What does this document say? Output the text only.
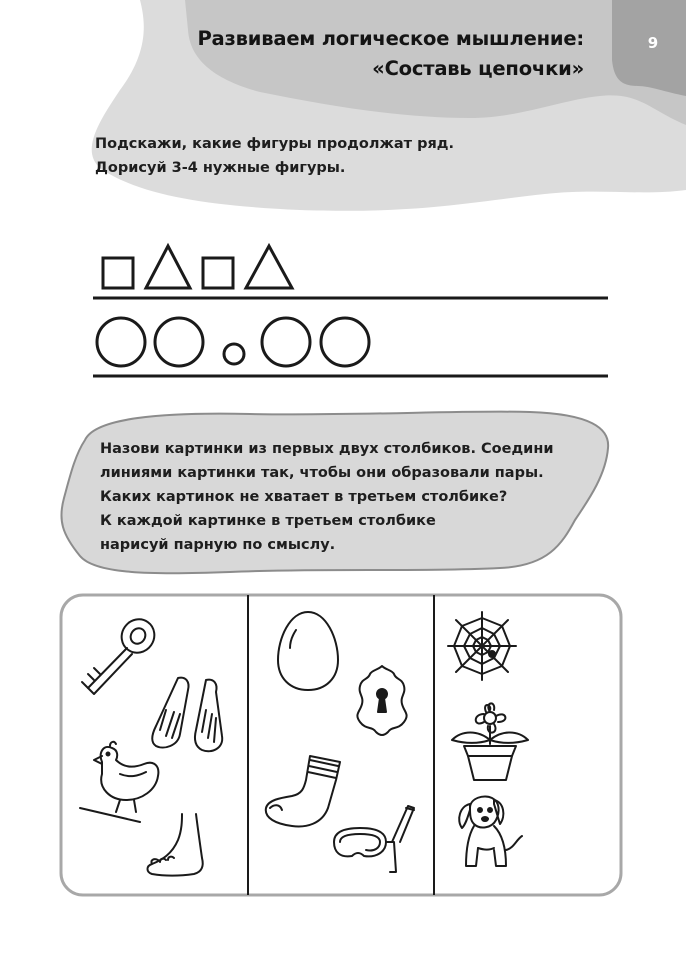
Развиваем логическое мышление:
«Составь цепочки»
9
Подскажи, какие фигуры продолжат ряд.
Дорисуй 3-4 нужные фигуры.
Назови картинки из первых двух столбиков. Соедини
линиями картинки так, чтобы они образовали пары.
Каких картинок не хватает в третьем столбике?
К каждой картинке в третьем столбике
нарисуй парную по смыслу.
